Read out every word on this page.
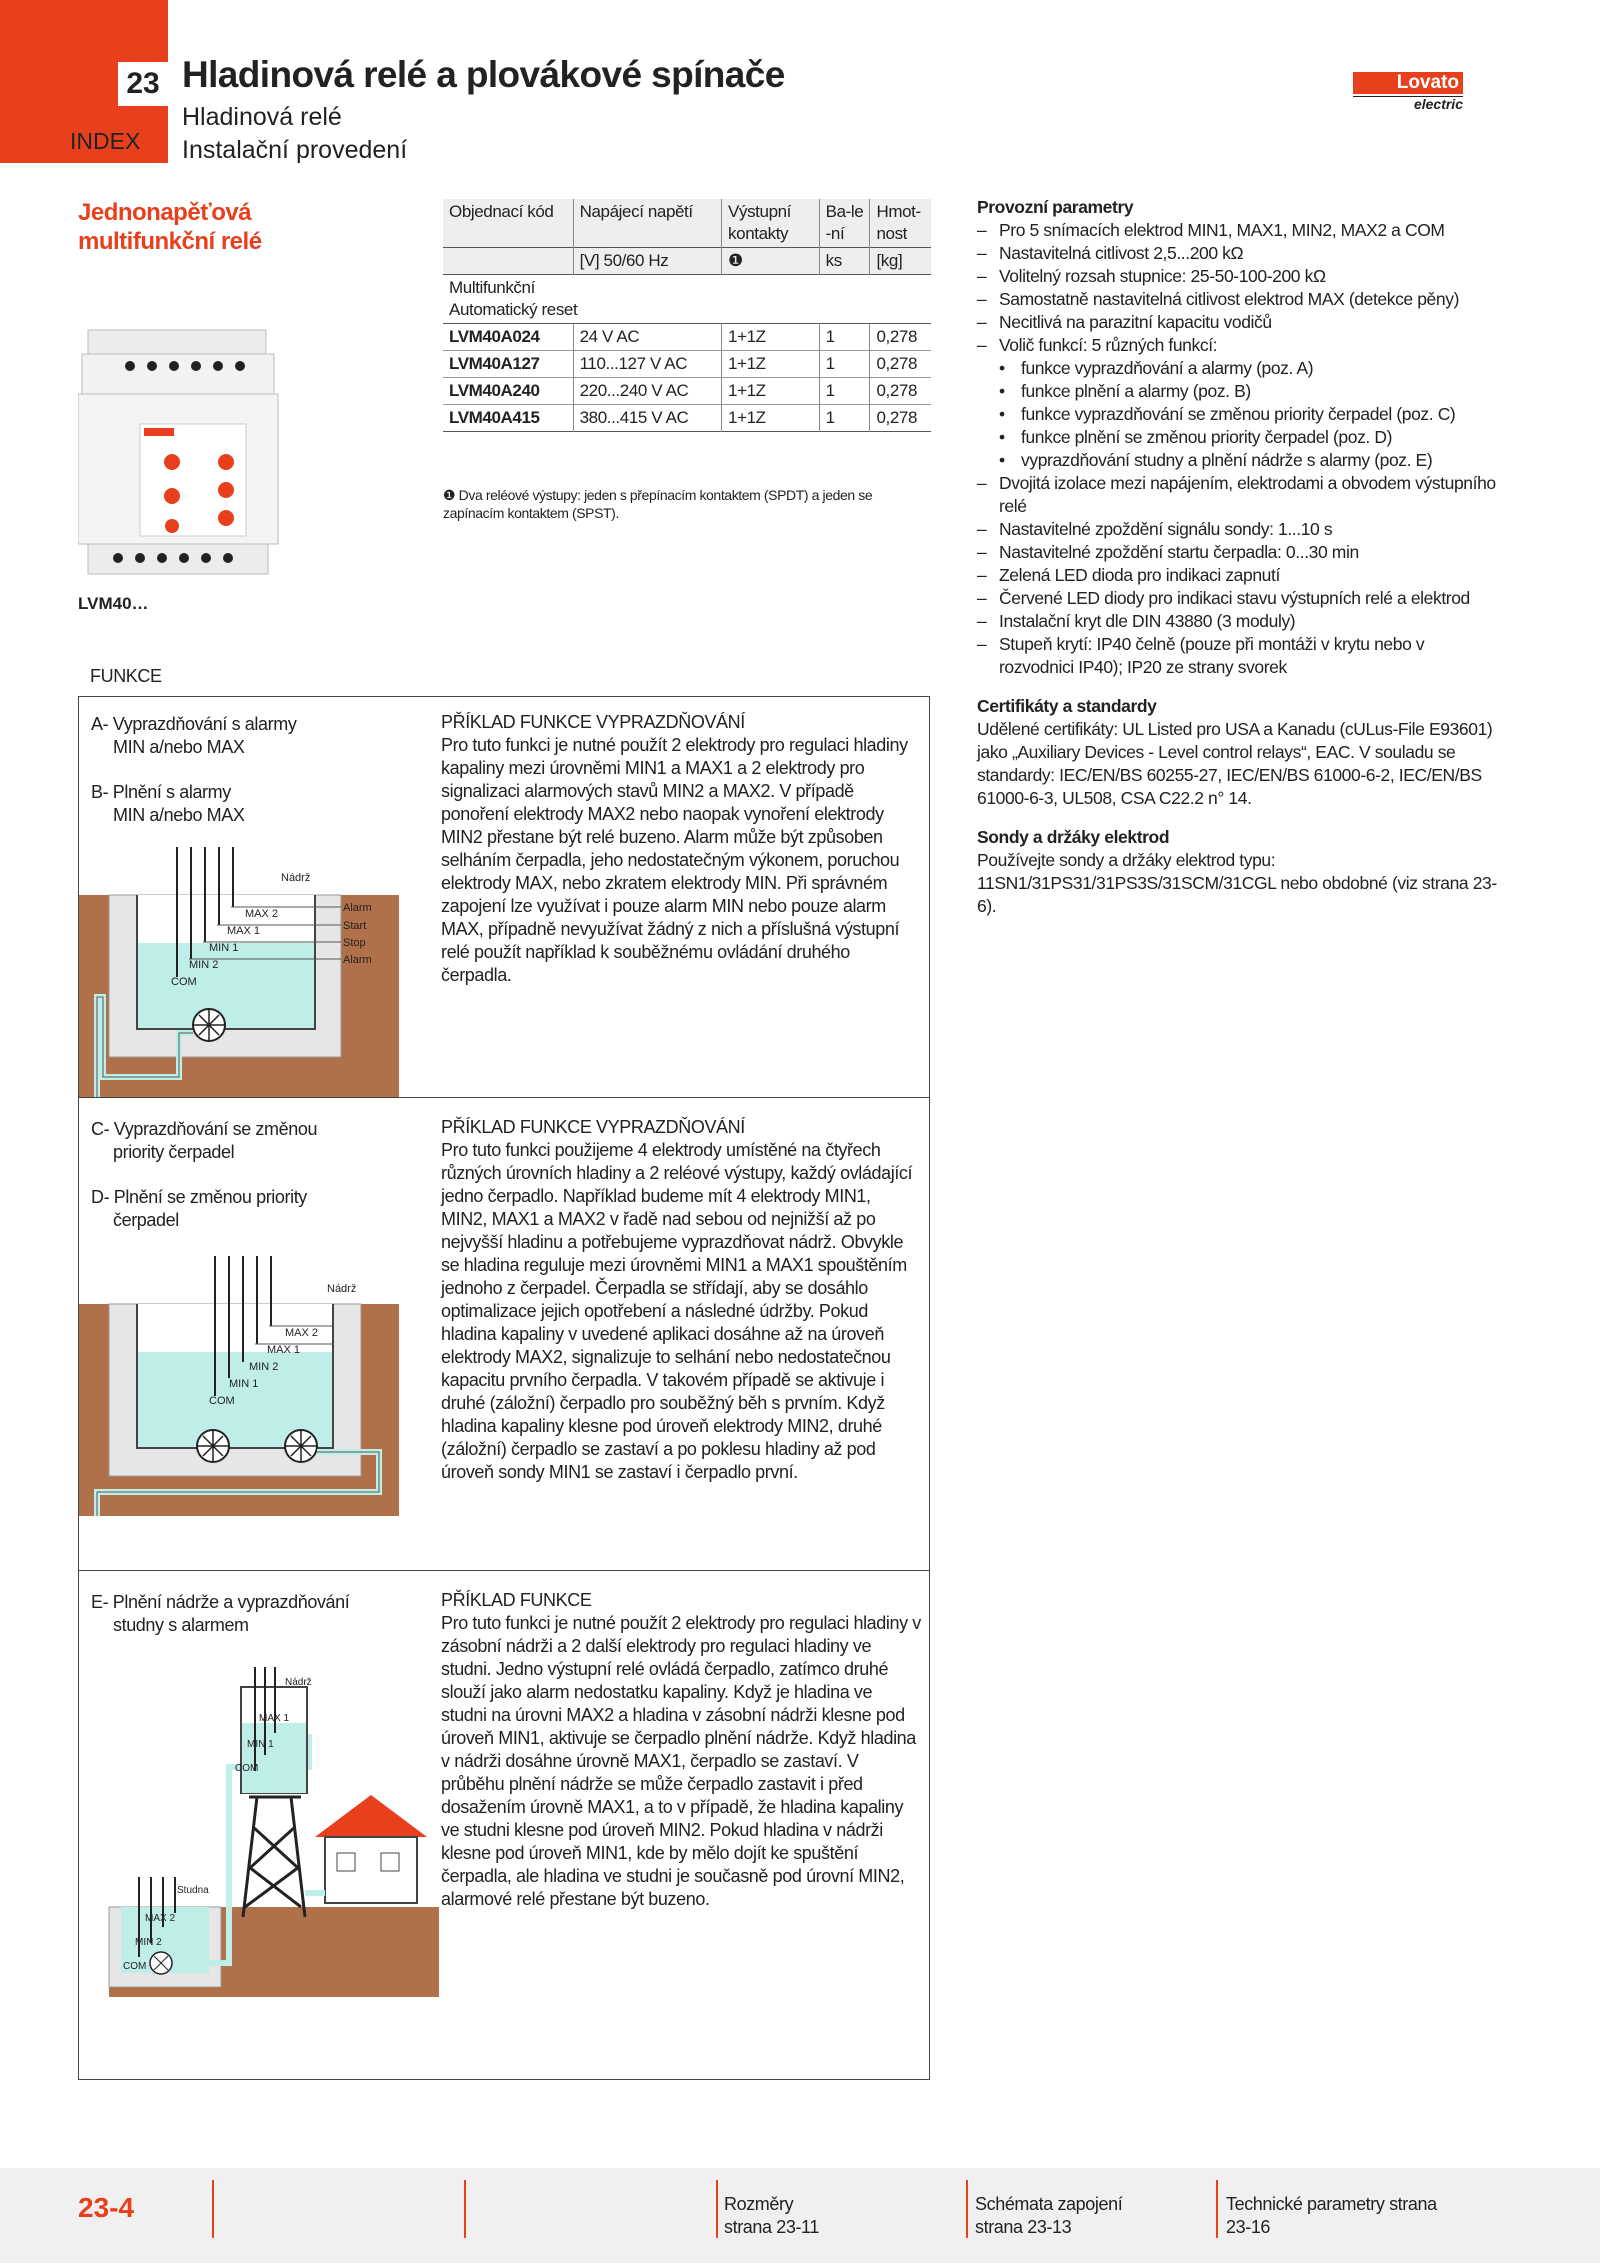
23
INDEX
Hladinová relé a plovákové spínače
Hladinová relé
Instalační provedení
Lovato
electric
Jednonapěťová
multifunkční relé
LVM40…
Objednací kód	Napájecí napětí	Výstupní kontakty	Ba-le-ní	Hmot-nost
	[V] 50/60 Hz	❶	ks	[kg]
Multifunkční				
Automatický reset				
LVM40A024	24 V AC	1+1Z	1	0,278
LVM40A127	110...127 V AC	1+1Z	1	0,278
LVM40A240	220...240 V AC	1+1Z	1	0,278
LVM40A415	380...415 V AC	1+1Z	1	0,278
❶ Dva reléové výstupy: jeden s přepínacím kontaktem (SPDT) a jeden se zapínacím kontaktem (SPST).
Provozní parametry
– Pro 5 snímacích elektrod MIN1, MAX1, MIN2, MAX2 a COM
– Nastavitelná citlivost 2,5...200 kΩ
– Volitelný rozsah stupnice: 25-50-100-200 kΩ
– Samostatně nastavitelná citlivost elektrod MAX (detekce pěny)
– Necitlivá na parazitní kapacitu vodičů
– Volič funkcí: 5 různých funkcí:
• funkce vyprazdňování a alarmy (poz. A)
• funkce plnění a alarmy (poz. B)
• funkce vyprazdňování se změnou priority čerpadel (poz. C)
• funkce plnění se změnou priority čerpadel (poz. D)
• vyprazdňování studny a plnění nádrže s alarmy (poz. E)
– Dvojitá izolace mezi napájením, elektrodami a obvodem výstupního relé
– Nastavitelné zpoždění signálu sondy: 1...10 s
– Nastavitelné zpoždění startu čerpadla: 0...30 min
– Zelená LED dioda pro indikaci zapnutí
– Červené LED diody pro indikaci stavu výstupních relé a elektrod
– Instalační kryt dle DIN 43880 (3 moduly)
– Stupeň krytí: IP40 čelně (pouze při montáži v krytu nebo v rozvodnici IP40); IP20 ze strany svorek
Certifikáty a standardy
Udělené certifikáty: UL Listed pro USA a Kanadu (cULus-File E93601) jako „Auxiliary Devices - Level control relays“, EAC. V souladu se standardy: IEC/EN/BS 60255-27, IEC/EN/BS 61000-6-2, IEC/EN/BS 61000-6-3, UL508, CSA C22.2 n° 14.
Sondy a držáky elektrod
Používejte sondy a držáky elektrod typu: 11SN1/31PS31/31PS3S/31SCM/31CGL nebo obdobné (viz strana 23-6).
FUNKCE
A- Vyprazdňování s alarmy
MIN a/nebo MAX
B- Plnění s alarmy
MIN a/nebo MAX
Nádrž
MAX 2
MAX 1
MIN 1
MIN 2
COM
Alarm
Start
Stop
Alarm
PŘÍKLAD FUNKCE VYPRAZDŇOVÁNÍ
Pro tuto funkci je nutné použít 2 elektrody pro regulaci hladiny kapaliny mezi úrovněmi MIN1 a MAX1 a 2 elektrody pro signalizaci alarmových stavů MIN2 a MAX2. V případě ponoření elektrody MAX2 nebo naopak vynoření elektrody MIN2 přestane být relé buzeno. Alarm může být způsoben selháním čerpadla, jeho nedostatečným výkonem, poruchou elektrody MAX, nebo zkratem elektrody MIN. Při správném zapojení lze využívat i pouze alarm MIN nebo pouze alarm MAX, případně nevyužívat žádný z nich a příslušná výstupní relé použít například k souběžnému ovládání druhého čerpadla.
C- Vyprazdňování se změnou
priority čerpadel
D- Plnění se změnou priority
čerpadel
Nádrž
MAX 2
MAX 1
MIN 2
MIN 1
COM
PŘÍKLAD FUNKCE VYPRAZDŇOVÁNÍ
Pro tuto funkci použijeme 4 elektrody umístěné na čtyřech různých úrovních hladiny a 2 reléové výstupy, každý ovládající jedno čerpadlo. Například budeme mít 4 elektrody MIN1, MIN2, MAX1 a MAX2 v řadě nad sebou od nejnižší až po nejvyšší hladinu a potřebujeme vyprazdňovat nádrž. Obvykle se hladina reguluje mezi úrovněmi MIN1 a MAX1 spouštěním jednoho z čerpadel. Čerpadla se střídají, aby se dosáhlo optimalizace jejich opotřebení a následné údržby. Pokud hladina kapaliny v uvedené aplikaci dosáhne až na úroveň elektrody MAX2, signalizuje to selhání nebo nedostatečnou kapacitu prvního čerpadla. V takovém případě se aktivuje i druhé (záložní) čerpadlo pro souběžný běh s prvním. Když hladina kapaliny klesne pod úroveň elektrody MIN2, druhé (záložní) čerpadlo se zastaví a po poklesu hladiny až pod úroveň sondy MIN1 se zastaví i čerpadlo první.
E- Plnění nádrže a vyprazdňování
studny s alarmem
Nádrž
MAX 1
MIN 1
COM
Studna
MAX 2
MIN 2
COM
PŘÍKLAD FUNKCE
Pro tuto funkci je nutné použít 2 elektrody pro regulaci hladiny v zásobní nádrži a 2 další elektrody pro regulaci hladiny ve studni. Jedno výstupní relé ovládá čerpadlo, zatímco druhé slouží jako alarm nedostatku kapaliny. Když je hladina ve studni na úrovni MAX2 a hladina v zásobní nádrži klesne pod úroveň MIN1, aktivuje se čerpadlo plnění nádrže. Když hladina v nádrži dosáhne úrovně MAX1, čerpadlo se zastaví. V průběhu plnění nádrže se může čerpadlo zastavit i před dosažením úrovně MAX1, a to v případě, že hladina kapaliny ve studni klesne pod úroveň MIN2. Pokud hladina v nádrži klesne pod úroveň MIN1, kde by mělo dojít ke spuštění čerpadla, ale hladina ve studni je současně pod úrovní MIN2, alarmové relé přestane být buzeno.
23-4	Rozměry
strana 23-11
Schémata zapojení
strana 23-13
Technické parametry strana
23-16
